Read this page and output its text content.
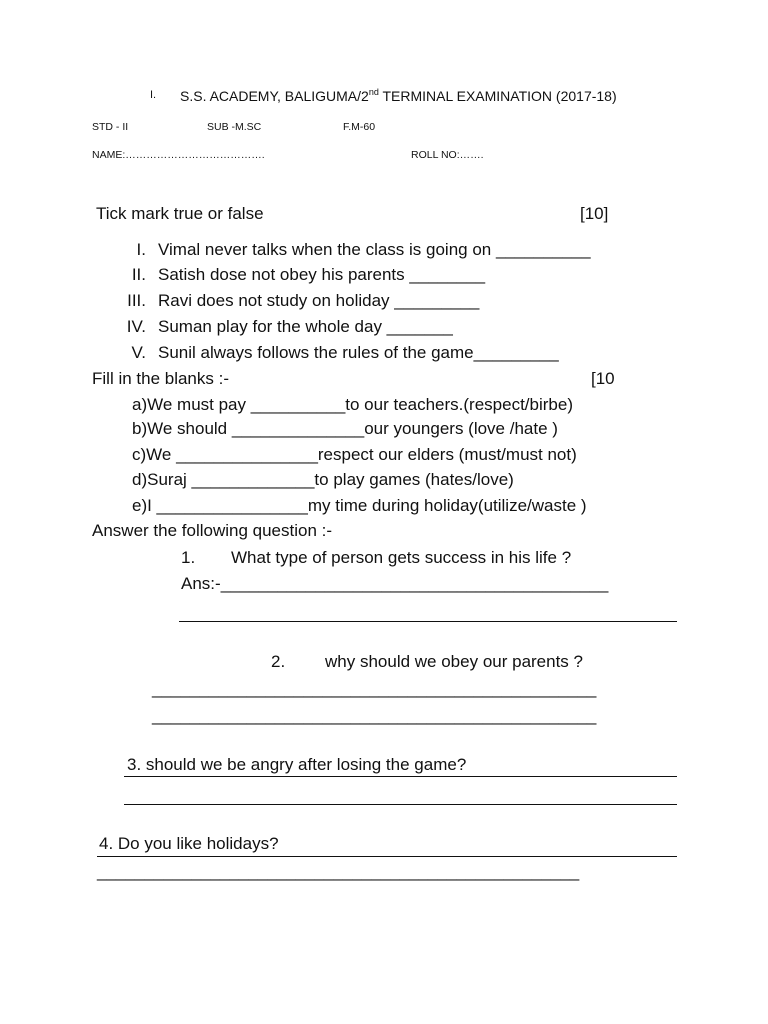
I. S.S. ACADEMY, BALIGUMA/2nd TERMINAL EXAMINATION (2017-18)
STD - II	SUB -M.SC	F.M-60
NAME:………………………………….	ROLL NO:…….
Tick mark true or false	[10]
I. Vimal never talks when the class is going on __________
II. Satish dose not obey his parents ________
III. Ravi does not study on holiday _________
IV. Suman play for the whole day _______
V. Sunil always follows the rules of the game_________
Fill in the blanks :-	[10
a)We must pay __________to our teachers.(respect/birbe)
b)We should ______________our youngers (love /hate )
c)We _______________respect our elders (must/must not)
d)Suraj _____________to play games (hates/love)
e)I ________________my time during holiday(utilize/waste )
Answer the following question :-
1. What type of person gets success in his life ?
Ans:-_________________________________________
2. why should we obey our parents ?
_______________________________________________
_______________________________________________
3. should we be angry after losing the game?
4. Do you like holidays?
___________________________________________________
